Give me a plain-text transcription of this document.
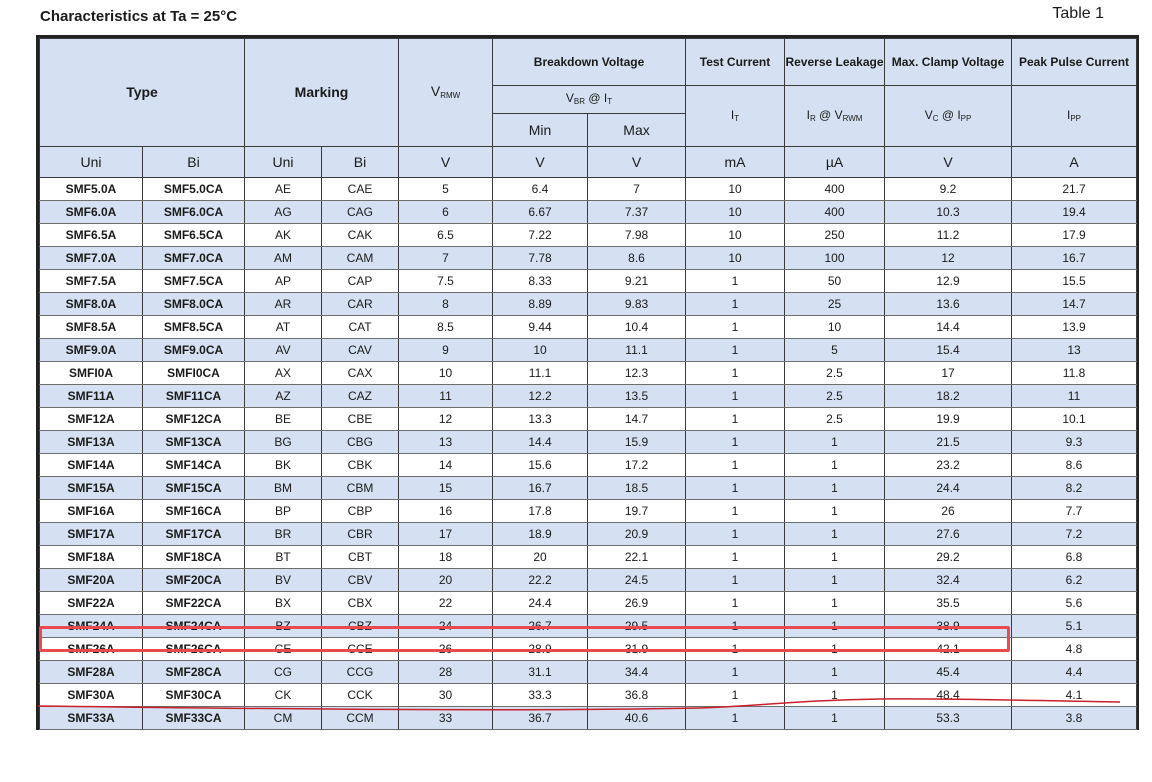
Characteristics at Ta = 25°C	Table 1
Type		Marking		$V_{RMW}$	Breakdown Voltage		Test Current	Reverse Leakage	Max. Clamp Voltage	Peak Pulse Current
					$V_{BR}$ @ $I_T$		$I_T$	$I_R$ @ $V_{RWM}$	$V_C$ @ $I_{PP}$	$I_{PP}$
					Min	Max				
Uni	Bi	Uni	Bi	V	V	V	mA	µA	V	A
SMF5.0A	SMF5.0CA	AE	CAE	5	6.4	7	10	400	9.2	21.7
SMF6.0A	SMF6.0CA	AG	CAG	6	6.67	7.37	10	400	10.3	19.4
SMF6.5A	SMF6.5CA	AK	CAK	6.5	7.22	7.98	10	250	11.2	17.9
SMF7.0A	SMF7.0CA	AM	CAM	7	7.78	8.6	10	100	12	16.7
SMF7.5A	SMF7.5CA	AP	CAP	7.5	8.33	9.21	1	50	12.9	15.5
SMF8.0A	SMF8.0CA	AR	CAR	8	8.89	9.83	1	25	13.6	14.7
SMF8.5A	SMF8.5CA	AT	CAT	8.5	9.44	10.4	1	10	14.4	13.9
SMF9.0A	SMF9.0CA	AV	CAV	9	10	11.1	1	5	15.4	13
SMFI0A	SMFI0CA	AX	CAX	10	11.1	12.3	1	2.5	17	11.8
SMF11A	SMF11CA	AZ	CAZ	11	12.2	13.5	1	2.5	18.2	11
SMF12A	SMF12CA	BE	CBE	12	13.3	14.7	1	2.5	19.9	10.1
SMF13A	SMF13CA	BG	CBG	13	14.4	15.9	1	1	21.5	9.3
SMF14A	SMF14CA	BK	CBK	14	15.6	17.2	1	1	23.2	8.6
SMF15A	SMF15CA	BM	CBM	15	16.7	18.5	1	1	24.4	8.2
SMF16A	SMF16CA	BP	CBP	16	17.8	19.7	1	1	26	7.7
SMF17A	SMF17CA	BR	CBR	17	18.9	20.9	1	1	27.6	7.2
SMF18A	SMF18CA	BT	CBT	18	20	22.1	1	1	29.2	6.8
SMF20A	SMF20CA	BV	CBV	20	22.2	24.5	1	1	32.4	6.2
SMF22A	SMF22CA	BX	CBX	22	24.4	26.9	1	1	35.5	5.6
SMF24A	SMF24CA	BZ	CBZ	24	26.7	29.5	1	1	38.9	5.1
SMF26A	SMF26CA	CE	CCE	26	28.9	31.9	1	1	42.1	4.8
SMF28A	SMF28CA	CG	CCG	28	31.1	34.4	1	1	45.4	4.4
SMF30A	SMF30CA	CK	CCK	30	33.3	36.8	1	1	48.4	4.1
SMF33A	SMF33CA	CM	CCM	33	36.7	40.6	1	1	53.3	3.8
